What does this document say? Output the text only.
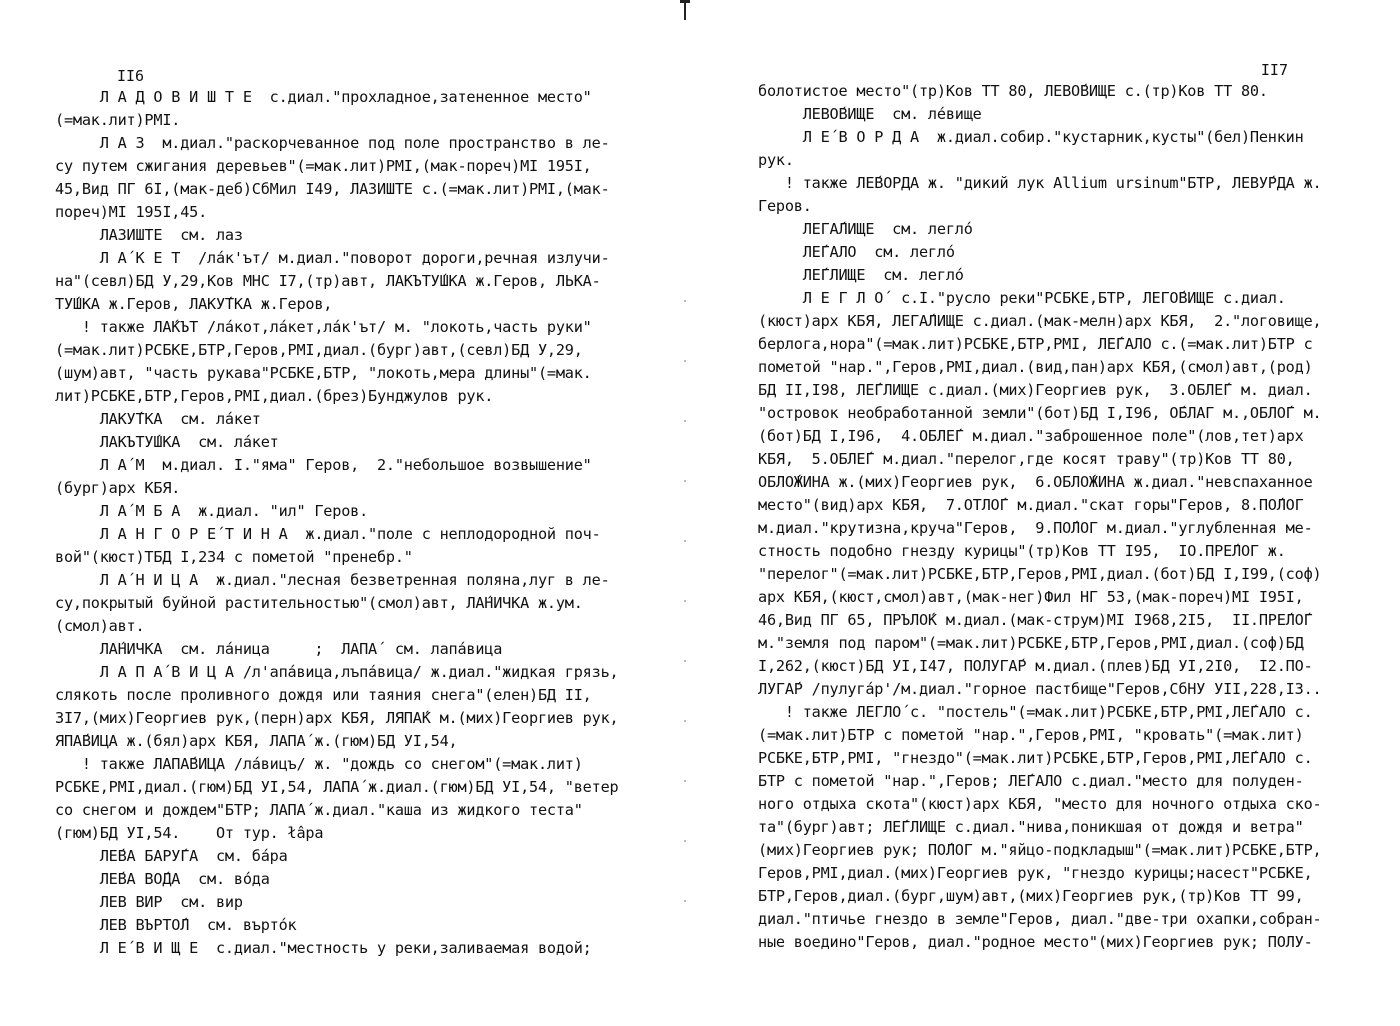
II6
Л А Д О В И Ш Т Е  с.диал."прохладное,затененное место"
(=мак.лит)РМI.
Л А З  м.диал."раскорчеванное под поле пространство в ле-
су путем сжигания деревьев"(=мак.лит)РМI,(мак-пореч)МI 195I,
45,Вид ПГ 6I,(мак-деб)СбМил I49, ЛАЗИШТЕ с.(=мак.лит)РМI,(мак-
пореч)МI 195I,45.
ЛАЗИШТЕ  см. лаз
Л А́ К Е Т  /ла́к'ът/ м.диал."поворот дороги,речная излучи-
на"(севл)БД У,29,Ков МНС I7,(тр)авт, ЛАКЪТУ́ШКА ж.Геров, ЛЬКА-
ТУ́ШКА ж.Геров, ЛАКУ́ТКА ж.Геров,
! также ЛА́КЪТ /ла́кот,ла́кет,ла́к'ът/ м. "локоть,часть руки"
(=мак.лит)РСБКЕ,БТР,Геров,РМI,диал.(бург)авт,(севл)БД У,29,
(шум)авт, "часть рукава"РСБКЕ,БТР, "локоть,мера длины"(=мак.
лит)РСБКЕ,БТР,Геров,РМI,диал.(брез)Бунджулов рук.
ЛАКУ́ТКА  см. ла́кет
ЛАКЪТУ́ШКА  см. ла́кет
Л А́ М  м.диал. I."яма" Геров,  2."небольшое возвышение"
(бург)арх КБЯ.
Л А́ М Б А  ж.диал. "ил" Геров.
Л А Н Г О Р Е́ Т И Н А  ж.диал."поле с неплодородной поч-
вой"(кюст)ТБД I,234 с пометой "пренебр."
Л А́ Н И Ц А  ж.диал."лесная безветренная поляна,луг в ле-
су,покрытый буйной растительностью"(смол)авт, ЛА́НИЧКА ж.ум.
(смол)авт.
ЛА́НИЧКА  см. ла́ница     ;  ЛАПА́  см. лапа́вица
Л А П А́ В И Ц А /л'апа́вица,лъпа́вица/ ж.диал."жидкая грязь,
слякоть после проливного дождя или таяния снега"(елен)БД II,
3I7,(мих)Георгиев рук,(перн)арх КБЯ, ЛЯПА́К м.(мих)Георгиев рук,
ЯПА́ВИЦА ж.(бял)арх КБЯ, ЛАПА́ ж.(гюм)БД УI,54,
! также ЛАПА́ВИЦА /ла́вицъ/ ж. "дождь со снегом"(=мак.лит)
РСБКЕ,РМI,диал.(гюм)БД УI,54, ЛАПА́ ж.диал.(гюм)БД УI,54, "ветер
со снегом и дождем"БТР; ЛАПА́ ж.диал."каша из жидкого теста"
(гюм)БД УI,54.    От тур. łâpa
ЛЕ́ВА БАРУ́ГА  см. ба́ра
ЛЕ́ВА ВО́ДА  см. во́да
ЛЕВ ВИР  см. вир
ЛЕВ ВЪРТО́Л  см. въртóк
Л Е́ В И Щ Е  с.диал."местность у реки,заливаемая водой;
II7
болотистое место"(тр)Ков ТТ 80, ЛЕВО́ВИЩЕ с.(тр)Ков ТТ 80.
ЛЕВО́ВИЩЕ  см. ле́вище
Л Е́ В О Р Д А  ж.диал.собир."кустарник,кусты"(бел)Пенкин
рук.
! также ЛЕ́ВОРДА ж. "дикий лук Allium ursinum"БТР, ЛЕВУ́РДА ж.
Геров.
ЛЕГА́ЛИЩЕ  см. легло́
ЛЕ́ГАЛО  см. легло́
ЛЕ́ГЛИЩЕ  см. легло́
Л Е Г Л О́  с.I."русло реки"РСБКЕ,БТР, ЛЕГО́ВИЩЕ с.диал.
(кюст)арх КБЯ, ЛЕГА́ЛИЩЕ с.диал.(мак-мелн)арх КБЯ,  2."логовище,
берлога,нора"(=мак.лит)РСБКЕ,БТР,РМI, ЛЕ́ГАЛО с.(=мак.лит)БТР с
пометой "нар.",Геров,РМI,диал.(вид,пан)арх КБЯ,(смол)авт,(род)
БД II,I98, ЛЕ́ГЛИЩЕ с.диал.(мих)Георгиев рук,  3.ОБЛЕ́Г м. диал.
"островок необработанной земли"(бот)БД I,I96, О́БЛАГ м.,ОБЛО́Г м.
(бот)БД I,I96,  4.ОБЛЕ́Г м.диал."заброшенное поле"(лов,тет)арх
КБЯ,  5.ОБЛЕ́Г м.диал."перелог,где косят траву"(тр)Ков ТТ 80,
ОБЛО́ЖИНА ж.(мих)Георгиев рук,  6.ОБЛО́ЖИНА ж.диал."невспаханное
место"(вид)арх КБЯ,  7.ОТЛО́Г м.диал."скат горы"Геров, 8.ПО́ЛОГ
м.диал."крутизна,круча"Геров,  9.ПО́ЛОГ м.диал."углубленная ме-
стность подобно гнезду курицы"(тр)Ков ТТ I95,  IО.ПРЕ́ЛОГ ж.
"перелог"(=мак.лит)РСБКЕ,БТР,Геров,РМI,диал.(бот)БД I,I99,(соф)
арх КБЯ,(кюст,смол)авт,(мак-нег)Фил НГ 53,(мак-пореч)МI I95I,
46,Вид ПГ 65, ПРЪЛО́К м.диал.(мак-струм)МI I968,2I5,  II.ПРЕ́ЛО́Г
м."земля под паром"(=мак.лит)РСБКЕ,БТР,Геров,РМI,диал.(соф)БД
I,262,(кюст)БД УI,I47, ПОЛУГА́Р м.диал.(плев)БД УI,2I0,  I2.ПО-
ЛУГА́Р /пулуга́р'/м.диал."горное пастбище"Геров,СбНУ УII,228,I3..
! также ЛЕГЛО́ с. "постель"(=мак.лит)РСБКЕ,БТР,РМI,ЛЕ́ГАЛО с.
(=мак.лит)БТР с пометой "нар.",Геров,РМI, "кровать"(=мак.лит)
РСБКЕ,БТР,РМI, "гнездо"(=мак.лит)РСБКЕ,БТР,Геров,РМI,ЛЕ́ГАЛО с.
БТР с пометой "нар.",Геров; ЛЕ́ГАЛО с.диал."место для полуден-
ного отдыха скота"(кюст)арх КБЯ, "место для ночного отдыха ско-
та"(бург)авт; ЛЕ́ГЛИЩЕ с.диал."нива,поникшая от дождя и ветра"
(мих)Георгиев рук; ПО́ЛОГ м."яйцо-подкладыш"(=мак.лит)РСБКЕ,БТР,
Геров,РМI,диал.(мих)Георгиев рук, "гнездо курицы;насест"РСБКЕ,
БТР,Геров,диал.(бург,шум)авт,(мих)Георгиев рук,(тр)Ков ТТ 99,
диал."птичье гнездо в земле"Геров, диал."две-три охапки,собран-
ные воедино"Геров, диал."родное место"(мих)Георгиев рук; ПОЛУ-
